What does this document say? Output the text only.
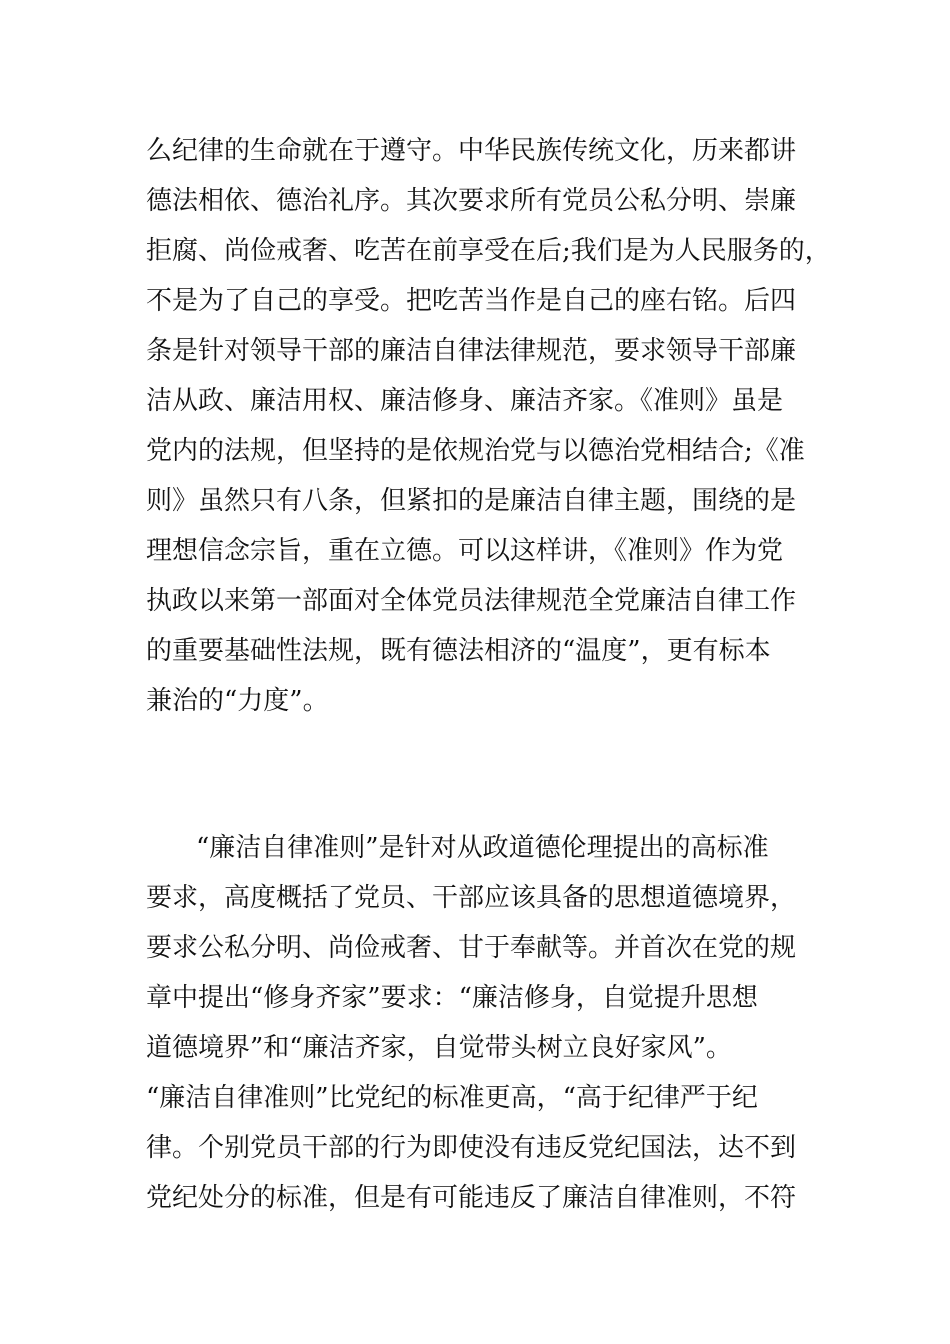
么纪律的生命就在于遵守。中华民族传统文化，历来都讲

德法相依、德治礼序。其次要求所有党员公私分明、崇廉

拒腐、尚俭戒奢、吃苦在前享受在后;我们是为人民服务的，

不是为了自己的享受。把吃苦当作是自己的座右铭。后四

条是针对领导干部的廉洁自律法律规范，要求领导干部廉

洁从政、廉洁用权、廉洁修身、廉洁齐家。《准则》虽是

党内的法规，但坚持的是依规治党与以德治党相结合;《准

则》虽然只有八条，但紧扣的是廉洁自律主题，围绕的是

理想信念宗旨，重在立德。可以这样讲，《准则》作为党

执政以来第一部面对全体党员法律规范全党廉洁自律工作

的重要基础性法规，既有德法相济的“温度”，更有标本

兼治的“力度”。

“廉洁自律准则”是针对从政道德伦理提出的高标准

要求，高度概括了党员、干部应该具备的思想道德境界，

要求公私分明、尚俭戒奢、甘于奉献等。并首次在党的规

章中提出“修身齐家”要求：“廉洁修身，自觉提升思想

道德境界”和“廉洁齐家，自觉带头树立良好家风”。

“廉洁自律准则”比党纪的标准更高，“高于纪律严于纪

律。个别党员干部的行为即使没有违反党纪国法，达不到

党纪处分的标准，但是有可能违反了廉洁自律准则，不符
